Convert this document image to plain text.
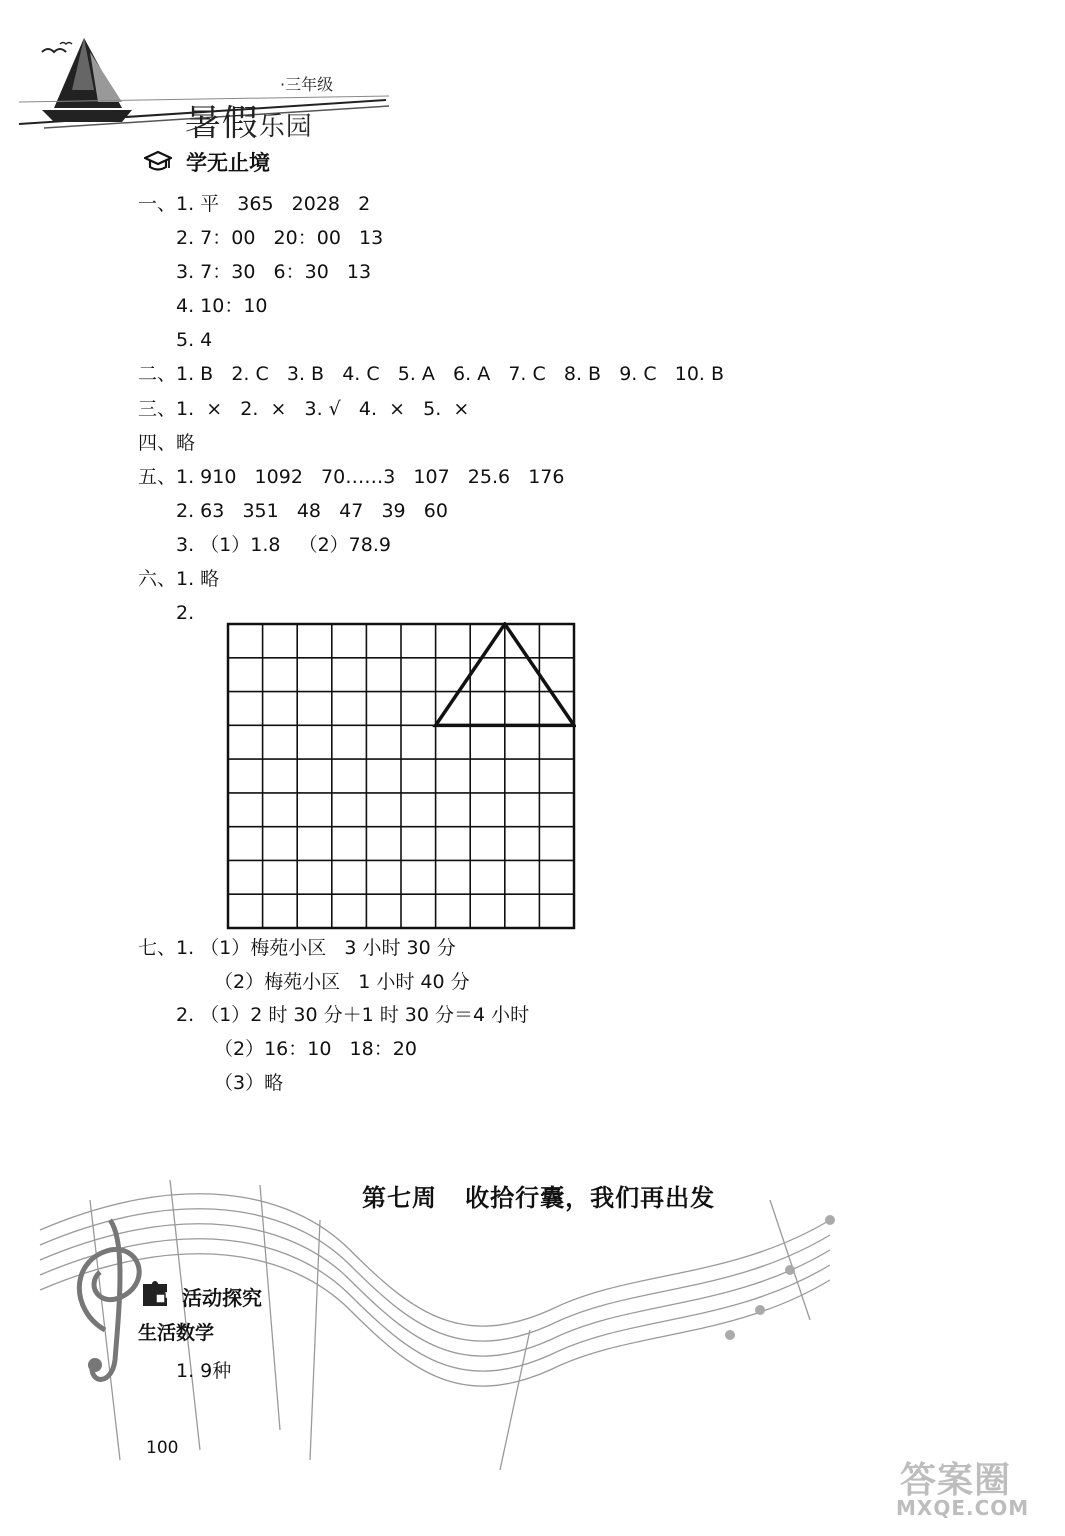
暑假乐园

·三年级
学无止境
一、1. 平   365   2028   2
2. 7：00   20：00   13
3. 7：30   6：30   13
4. 10：10
5. 4
二、1. B   2. C   3. B   4. C   5. A   6. A   7. C   8. B   9. C   10. B
三、1.  ×   2.  ×   3. √   4.  ×   5.  ×
四、略
五、1. 910   1092   70……3   107   25.6   176
2. 63   351   48   47   39   60
3. （1）1.8   （2）78.9
六、1. 略
2.
七、1. （1）梅苑小区   3 小时 30 分
（2）梅苑小区   1 小时 40 分
2. （1）2 时 30 分＋1 时 30 分＝4 小时
（2）16：10   18：20
（3）略
第七周   收拾行囊，我们再出发
活动探究
生活数学
1. 9种
100
答案圈
MXQE.COM
